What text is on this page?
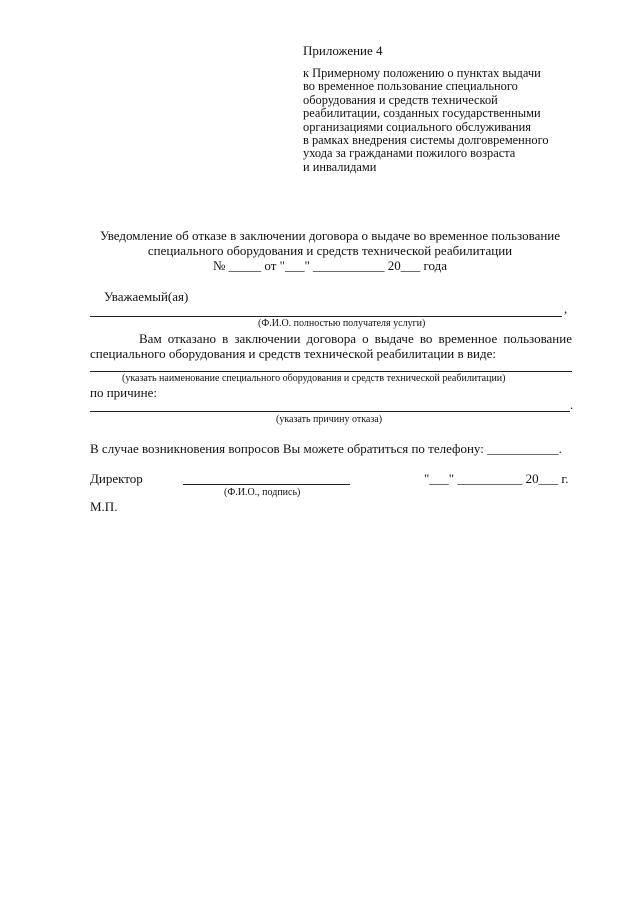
Приложение 4
к Примерному положению о пунктах выдачи
во временное пользование специального
оборудования и средств технической
реабилитации, созданных государственными
организациями социального обслуживания
в рамках внедрения системы долговременного
ухода за гражданами пожилого возраста
и инвалидами
Уведомление об отказе в заключении договора о выдаче во временное пользование
специального оборудования и средств технической реабилитации
№ _____ от "___" ___________ 20___ года
Уважаемый(ая)
,
(Ф.И.О. полностью получателя услуги)
Вам отказано в заключении договора о выдаче во временное пользование
специального оборудования и средств технической реабилитации в виде:
(указать наименование специального оборудования и средств технической реабилитации)
по причине:
.
(указать причину отказа)
В случае возникновения вопросов Вы можете обратиться по телефону: ___________.
Директор
(Ф.И.О., подпись)
"___" __________ 20___ г.
М.П.
